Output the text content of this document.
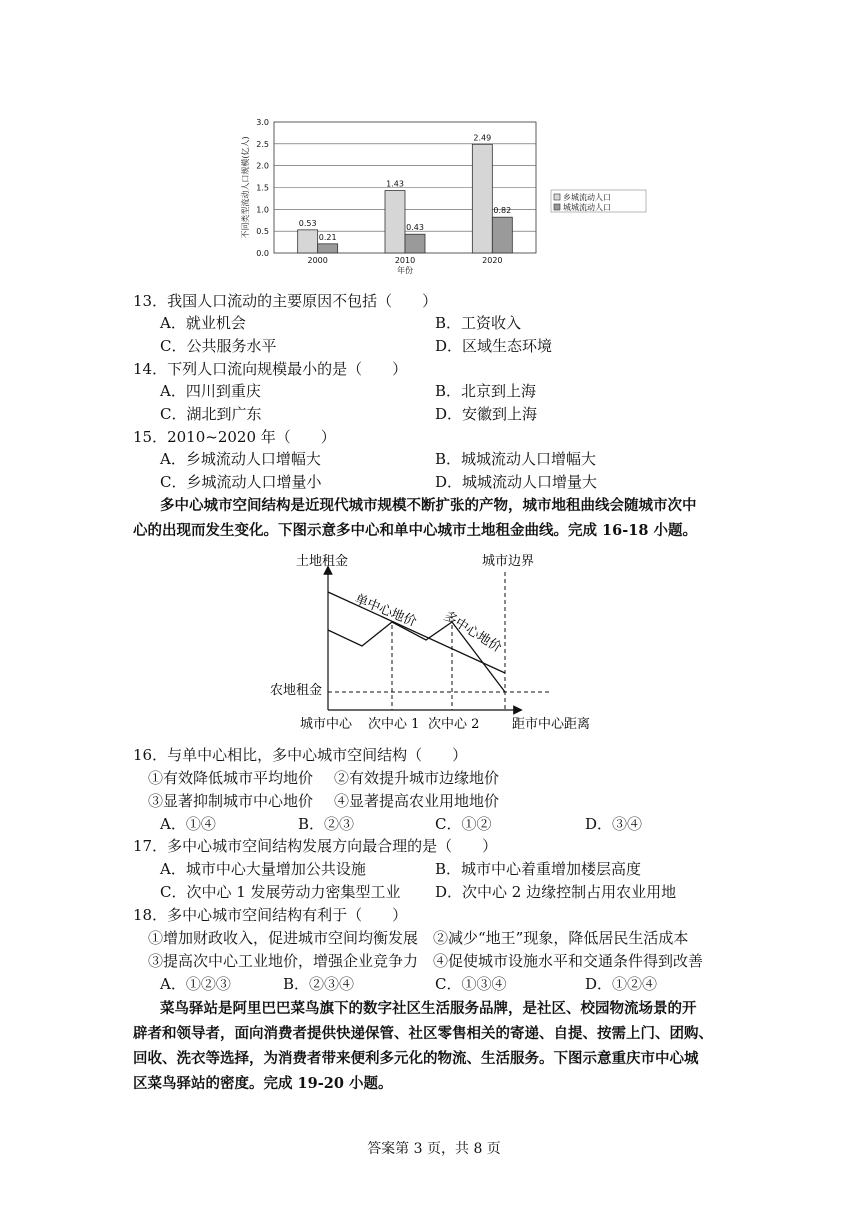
0.0
0.5
1.0
1.5
2.0
2.5
3.0
不同类型流动人口规模(亿人)	0.53
0.21
2000
1.43
0.43
2010
2.49
0.82
2020
年份
乡城流动人口
城城流动人口
13．我国人口流动的主要原因不包括（　　）
A．就业机会	B．工资收入
C．公共服务水平	D．区域生态环境
14．下列人口流向规模最小的是（　　）
A．四川到重庆	B．北京到上海
C．湖北到广东	D．安徽到上海
15．2010~2020 年（　　）
A．乡城流动人口增幅大	B．城城流动人口增幅大
C．乡城流动人口增量小	D．城城流动人口增量大
多中心城市空间结构是近现代城市规模不断扩张的产物，城市地租曲线会随城市次中
心的出现而发生变化。下图示意多中心和单中心城市土地租金曲线。完成 16-18 小题。
土地租金	城市边界
农地租金
单中心地价 多中心地价
城市中心 次中心 1 次中心 2	距市中心距离
16．与单中心相比，多中心城市空间结构（　　）
①有效降低城市平均地价 ②有效提升城市边缘地价
③显著抑制城市中心地价 ④显著提高农业用地地价
A．①④	B．②③	C．①②	D．③④
17．多中心城市空间结构发展方向最合理的是（　　）
A．城市中心大量增加公共设施	B．城市中心着重增加楼层高度
C．次中心 1 发展劳动力密集型工业 D．次中心 2 边缘控制占用农业用地
18．多中心城市空间结构有利于（　　）
①增加财政收入，促进城市空间均衡发展 ②减少“地王”现象，降低居民生活成本
③提高次中心工业地价，增强企业竞争力 ④促使城市设施水平和交通条件得到改善
A．①②③	B．②③④	C．①③④	D．①②④
菜鸟驿站是阿里巴巴菜鸟旗下的数字社区生活服务品牌，是社区、校园物流场景的开
辟者和领导者，面向消费者提供快递保管、社区零售相关的寄递、自提、按需上门、团购、
回收、洗衣等选择，为消费者带来便利多元化的物流、生活服务。下图示意重庆市中心城
区菜鸟驿站的密度。完成 19-20 小题。
答案第 3 页，共 8 页
